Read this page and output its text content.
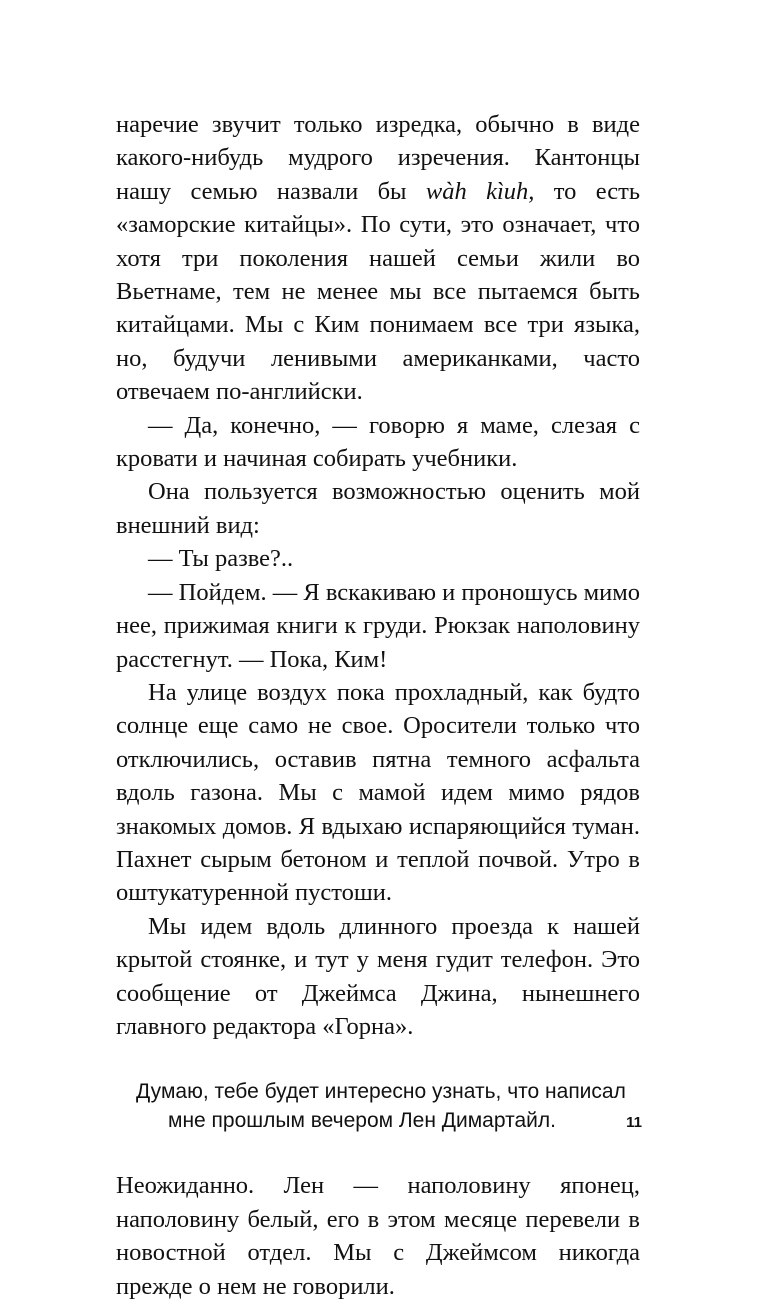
наречие звучит только изредка, обычно в виде какого-нибудь мудрого изречения. Кантонцы нашу семью назвали бы wàh kìuh, то есть «заморские китайцы». По сути, это означает, что хотя три поколения нашей семьи жили во Вьетнаме, тем не менее мы все пытаемся быть китайцами. Мы с Ким понимаем все три языка, но, будучи ленивыми американками, часто отвечаем по-английски.

— Да, конечно, — говорю я маме, слезая с кровати и начиная собирать учебники.

Она пользуется возможностью оценить мой внешний вид:

— Ты разве?..

— Пойдем. — Я вскакиваю и проношусь мимо нее, прижимая книги к груди. Рюкзак наполовину расстегнут. — Пока, Ким!

На улице воздух пока прохладный, как будто солнце еще само не свое. Оросители только что отключились, оставив пятна темного асфальта вдоль газона. Мы с мамой идем мимо рядов знакомых домов. Я вдыхаю испаряющийся туман. Пахнет сырым бетоном и теплой почвой. Утро в оштукатуренной пустоши.

Мы идем вдоль длинного проезда к нашей крытой стоянке, и тут у меня гудит телефон. Это сообщение от Джеймса Джина, нынешнего главного редактора «Горна».

Думаю, тебе будет интересно узнать, что написал мне прошлым вечером Лен Димартайл.

Неожиданно. Лен — наполовину японец, наполовину белый, его в этом месяце перевели в новостной отдел. Мы с Джеймсом никогда прежде о нем не говорили.

11
